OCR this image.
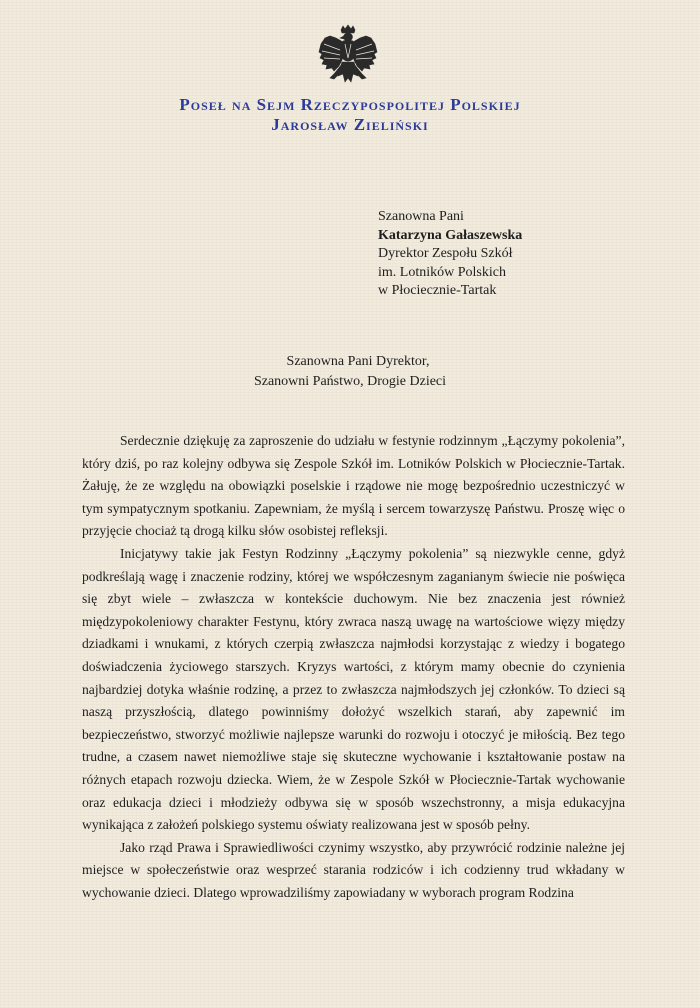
Poseł na Sejm Rzeczypospolitej Polskiej
Jarosław Zieliński
Szanowna Pani
Katarzyna Gałaszewska
Dyrektor Zespołu Szkół
im. Lotników Polskich
w Płociecznie-Tartak
Szanowna Pani Dyrektor,
Szanowni Państwo, Drogie Dzieci

Serdecznie dziękuję za zaproszenie do udziału w festynie rodzinnym „Łączymy pokolenia”, który dziś, po raz kolejny odbywa się Zespole Szkół im. Lotników Polskich w Płociecznie-Tartak. Żałuję, że ze względu na obowiązki poselskie i rządowe nie mogę bezpośrednio uczestniczyć w tym sympatycznym spotkaniu. Zapewniam, że myślą i sercem towarzyszę Państwu. Proszę więc o przyjęcie chociaż tą drogą kilku słów osobistej refleksji.

Inicjatywy takie jak Festyn Rodzinny „Łączymy pokolenia” są niezwykle cenne, gdyż podkreślają wagę i znaczenie rodziny, której we współczesnym zaganianym świecie nie poświęca się zbyt wiele – zwłaszcza w kontekście duchowym. Nie bez znaczenia jest również międzypokoleniowy charakter Festynu, który zwraca naszą uwagę na wartościowe więzy między dziadkami i wnukami, z których czerpią zwłaszcza najmłodsi korzystając z wiedzy i bogatego doświadczenia życiowego starszych. Kryzys wartości, z którym mamy obecnie do czynienia najbardziej dotyka właśnie rodzinę, a przez to zwłaszcza najmłodszych jej członków. To dzieci są naszą przyszłością, dlatego powinniśmy dołożyć wszelkich starań, aby zapewnić im bezpieczeństwo, stworzyć możliwie najlepsze warunki do rozwoju i otoczyć je miłością. Bez tego trudne, a czasem nawet niemożliwe staje się skuteczne wychowanie i kształtowanie postaw na różnych etapach rozwoju dziecka. Wiem, że w Zespole Szkół w Płociecznie-Tartak wychowanie oraz edukacja dzieci i młodzieży odbywa się w sposób wszechstronny, a misja edukacyjna wynikająca z założeń polskiego systemu oświaty realizowana jest w sposób pełny.

Jako rząd Prawa i Sprawiedliwości czynimy wszystko, aby przywrócić rodzinie należne jej miejsce w społeczeństwie oraz wesprzeć starania rodziców i ich codzienny trud wkładany w wychowanie dzieci. Dlatego wprowadziliśmy zapowiadany w wyborach program Rodzina
